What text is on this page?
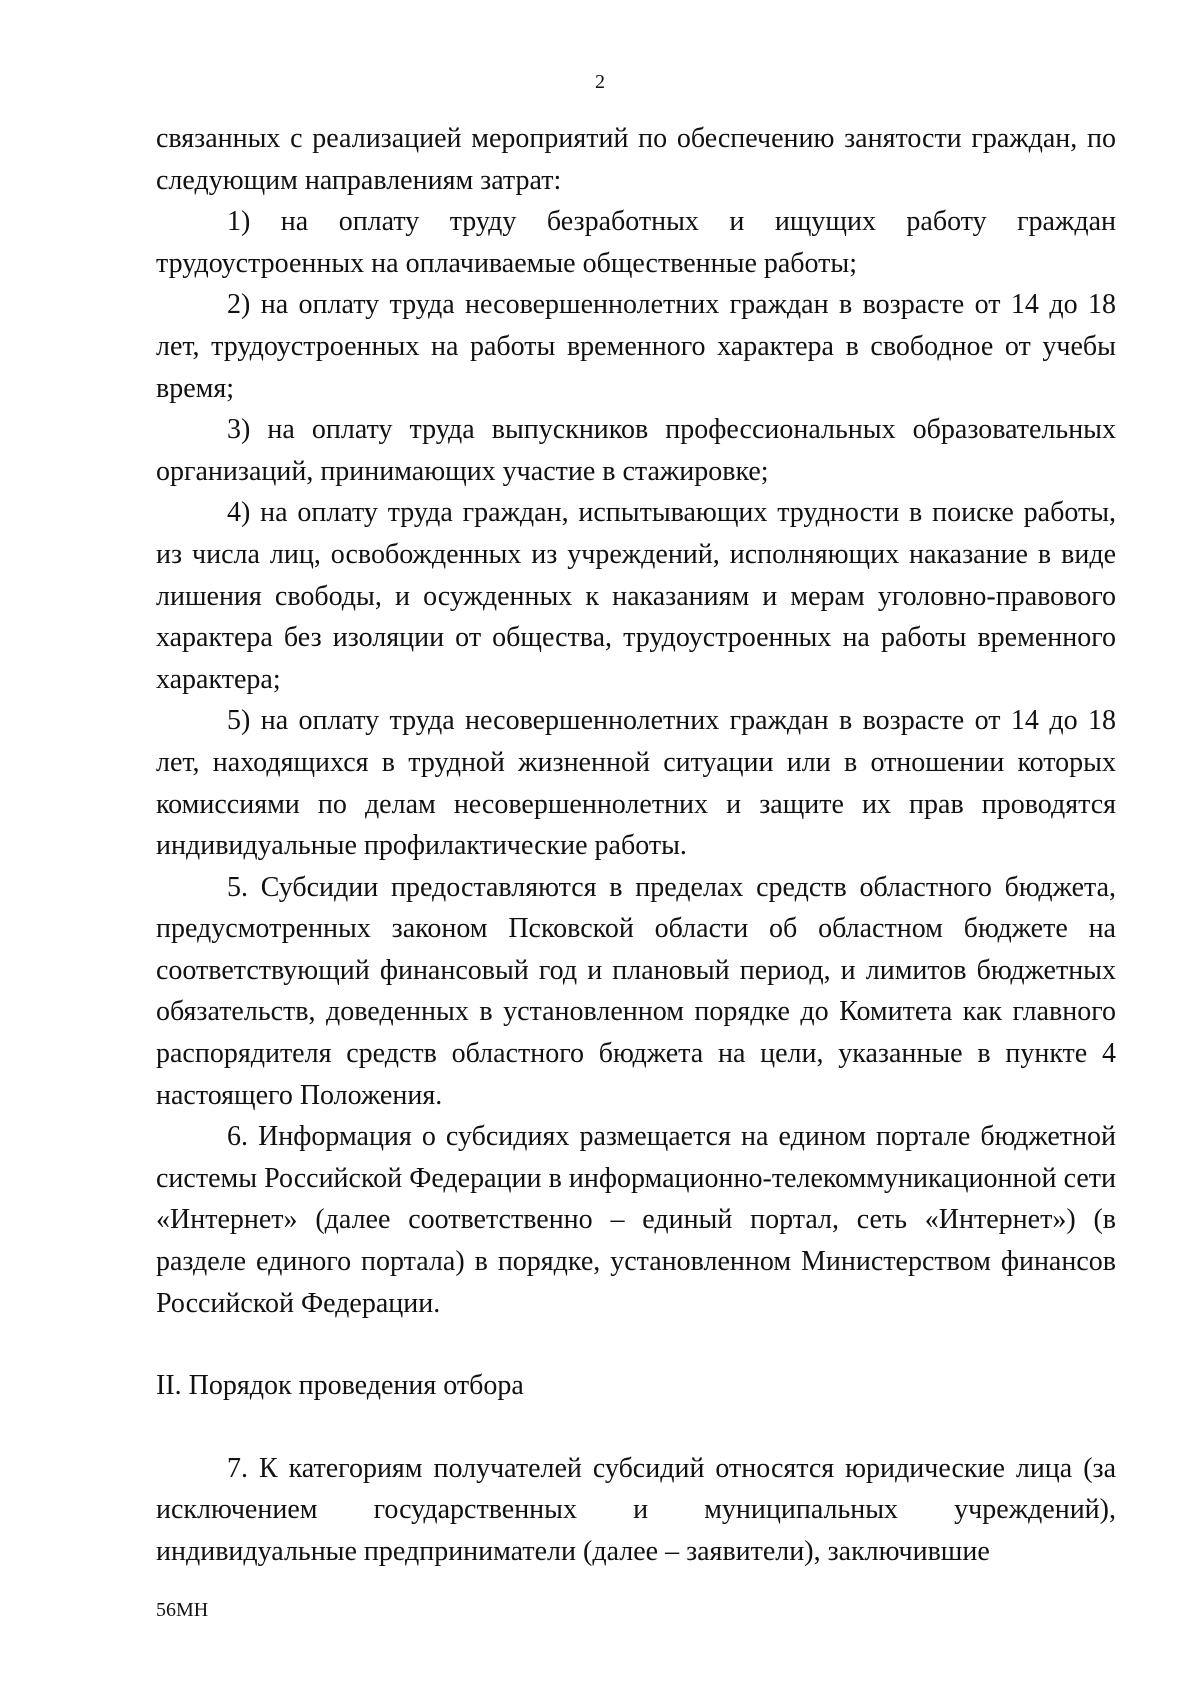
2

связанных с реализацией мероприятий по обеспечению занятости граждан, по следующим направлениям затрат:

1) на оплату труду безработных и ищущих работу граждан трудоустроенных на оплачиваемые общественные работы;

2) на оплату труда несовершеннолетних граждан в возрасте от 14 до 18 лет, трудоустроенных на работы временного характера в свободное от учебы время;

3) на оплату труда выпускников профессиональных образовательных организаций, принимающих участие в стажировке;

4) на оплату труда граждан, испытывающих трудности в поиске работы, из числа лиц, освобожденных из учреждений, исполняющих наказание в виде лишения свободы, и осужденных к наказаниям и мерам уголовно-правового характера без изоляции от общества, трудоустроенных на работы временного характера;

5) на оплату труда несовершеннолетних граждан в возрасте от 14 до 18 лет, находящихся в трудной жизненной ситуации или в отношении которых комиссиями по делам несовершеннолетних и защите их прав проводятся индивидуальные профилактические работы.

5. Субсидии предоставляются в пределах средств областного бюджета, предусмотренных законом Псковской области об областном бюджете на соответствующий финансовый год и плановый период, и лимитов бюджетных обязательств, доведенных в установленном порядке до Комитета как главного распорядителя средств областного бюджета на цели, указанные в пункте 4 настоящего Положения.

6. Информация о субсидиях размещается на едином портале бюджетной системы Российской Федерации в информационно-телекоммуникационной сети «Интернет» (далее соответственно – единый портал, сеть «Интернет») (в разделе единого портала) в порядке, установленном Министерством финансов Российской Федерации.

II. Порядок проведения отбора

7. К категориям получателей субсидий относятся юридические лица (за исключением государственных и муниципальных учреждений), индивидуальные предприниматели (далее – заявители), заключившие

56МН
